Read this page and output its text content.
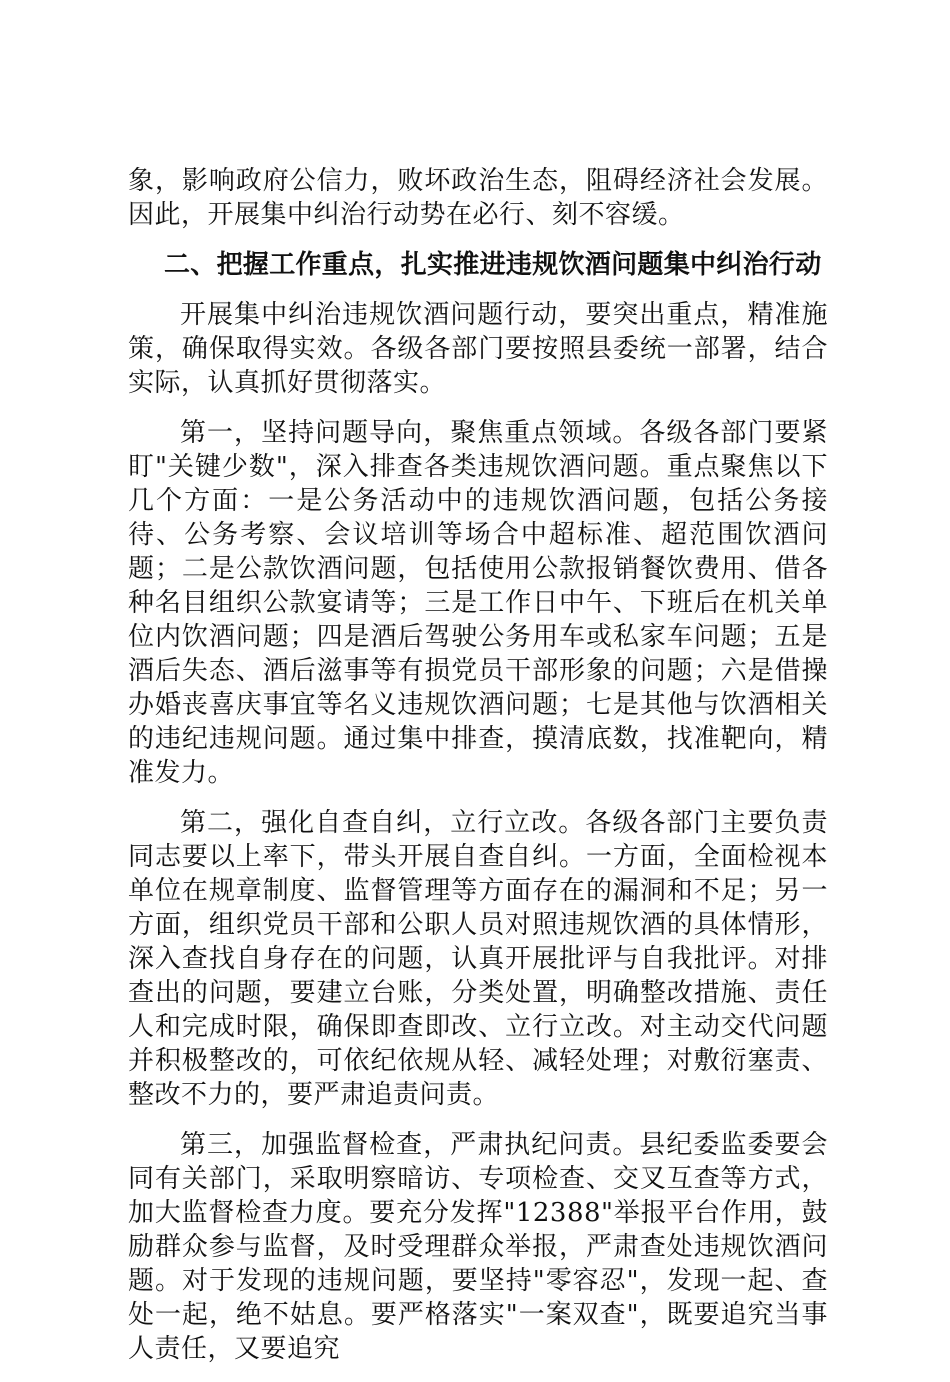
象，影响政府公信力，败坏政治生态，阻碍经济社会发展。因此，开展集中纠治行动势在必行、刻不容缓。

二、把握工作重点，扎实推进违规饮酒问题集中纠治行动

开展集中纠治违规饮酒问题行动，要突出重点，精准施策，确保取得实效。各级各部门要按照县委统一部署，结合实际，认真抓好贯彻落实。

第一，坚持问题导向，聚焦重点领域。各级各部门要紧盯"关键少数"，深入排查各类违规饮酒问题。重点聚焦以下几个方面：一是公务活动中的违规饮酒问题，包括公务接待、公务考察、会议培训等场合中超标准、超范围饮酒问题；二是公款饮酒问题，包括使用公款报销餐饮费用、借各种名目组织公款宴请等；三是工作日中午、下班后在机关单位内饮酒问题；四是酒后驾驶公务用车或私家车问题；五是酒后失态、酒后滋事等有损党员干部形象的问题；六是借操办婚丧喜庆事宜等名义违规饮酒问题；七是其他与饮酒相关的违纪违规问题。通过集中排查，摸清底数，找准靶向，精准发力。

第二，强化自查自纠，立行立改。各级各部门主要负责同志要以上率下，带头开展自查自纠。一方面，全面检视本单位在规章制度、监督管理等方面存在的漏洞和不足；另一方面，组织党员干部和公职人员对照违规饮酒的具体情形，深入查找自身存在的问题，认真开展批评与自我批评。对排查出的问题，要建立台账，分类处置，明确整改措施、责任人和完成时限，确保即查即改、立行立改。对主动交代问题并积极整改的，可依纪依规从轻、减轻处理；对敷衍塞责、整改不力的，要严肃追责问责。

第三，加强监督检查，严肃执纪问责。县纪委监委要会同有关部门，采取明察暗访、专项检查、交叉互查等方式，加大监督检查力度。要充分发挥"12388"举报平台作用，鼓励群众参与监督，及时受理群众举报，严肃查处违规饮酒问题。对于发现的违规问题，要坚持"零容忍"，发现一起、查处一起，绝不姑息。要严格落实"一案双查"，既要追究当事人责任，又要追究
